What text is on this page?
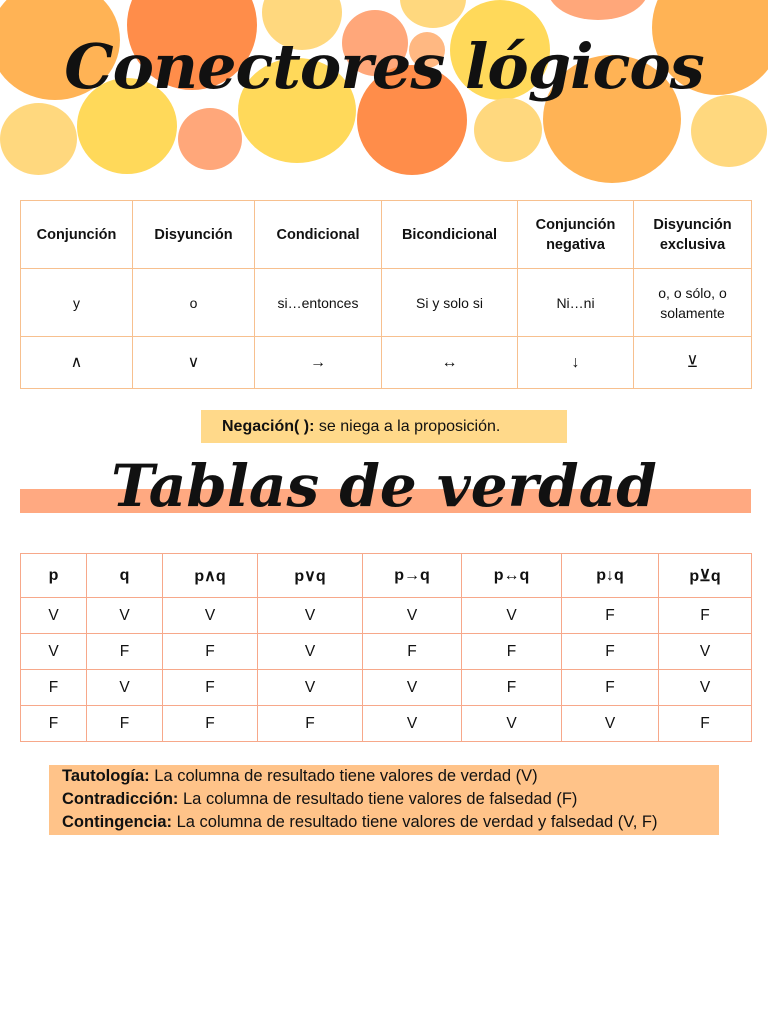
Conectores lógicos
Conjunción	Disyunción	Condicional	Bicondicional	Conjunción negativa	Disyunción exclusiva
y	o	si…entonces	Si y solo si	Ni…ni	o, o sólo, o solamente
∧	∨	→	↔	↓	⊻
Negación( ): se niega a la proposición.
Tablas de verdad
p	q	p∧q	p∨q	p→q	p↔q	p↓q	p⊻q
V	V	V	V	V	V	F	F
V	F	F	V	F	F	F	V
F	V	F	V	V	F	F	V
F	F	F	F	V	V	V	F
Tautología: La columna de resultado tiene valores de verdad (V)
Contradicción: La columna de resultado tiene valores de falsedad (F)
Contingencia: La columna de resultado tiene valores de verdad y falsedad (V, F)
